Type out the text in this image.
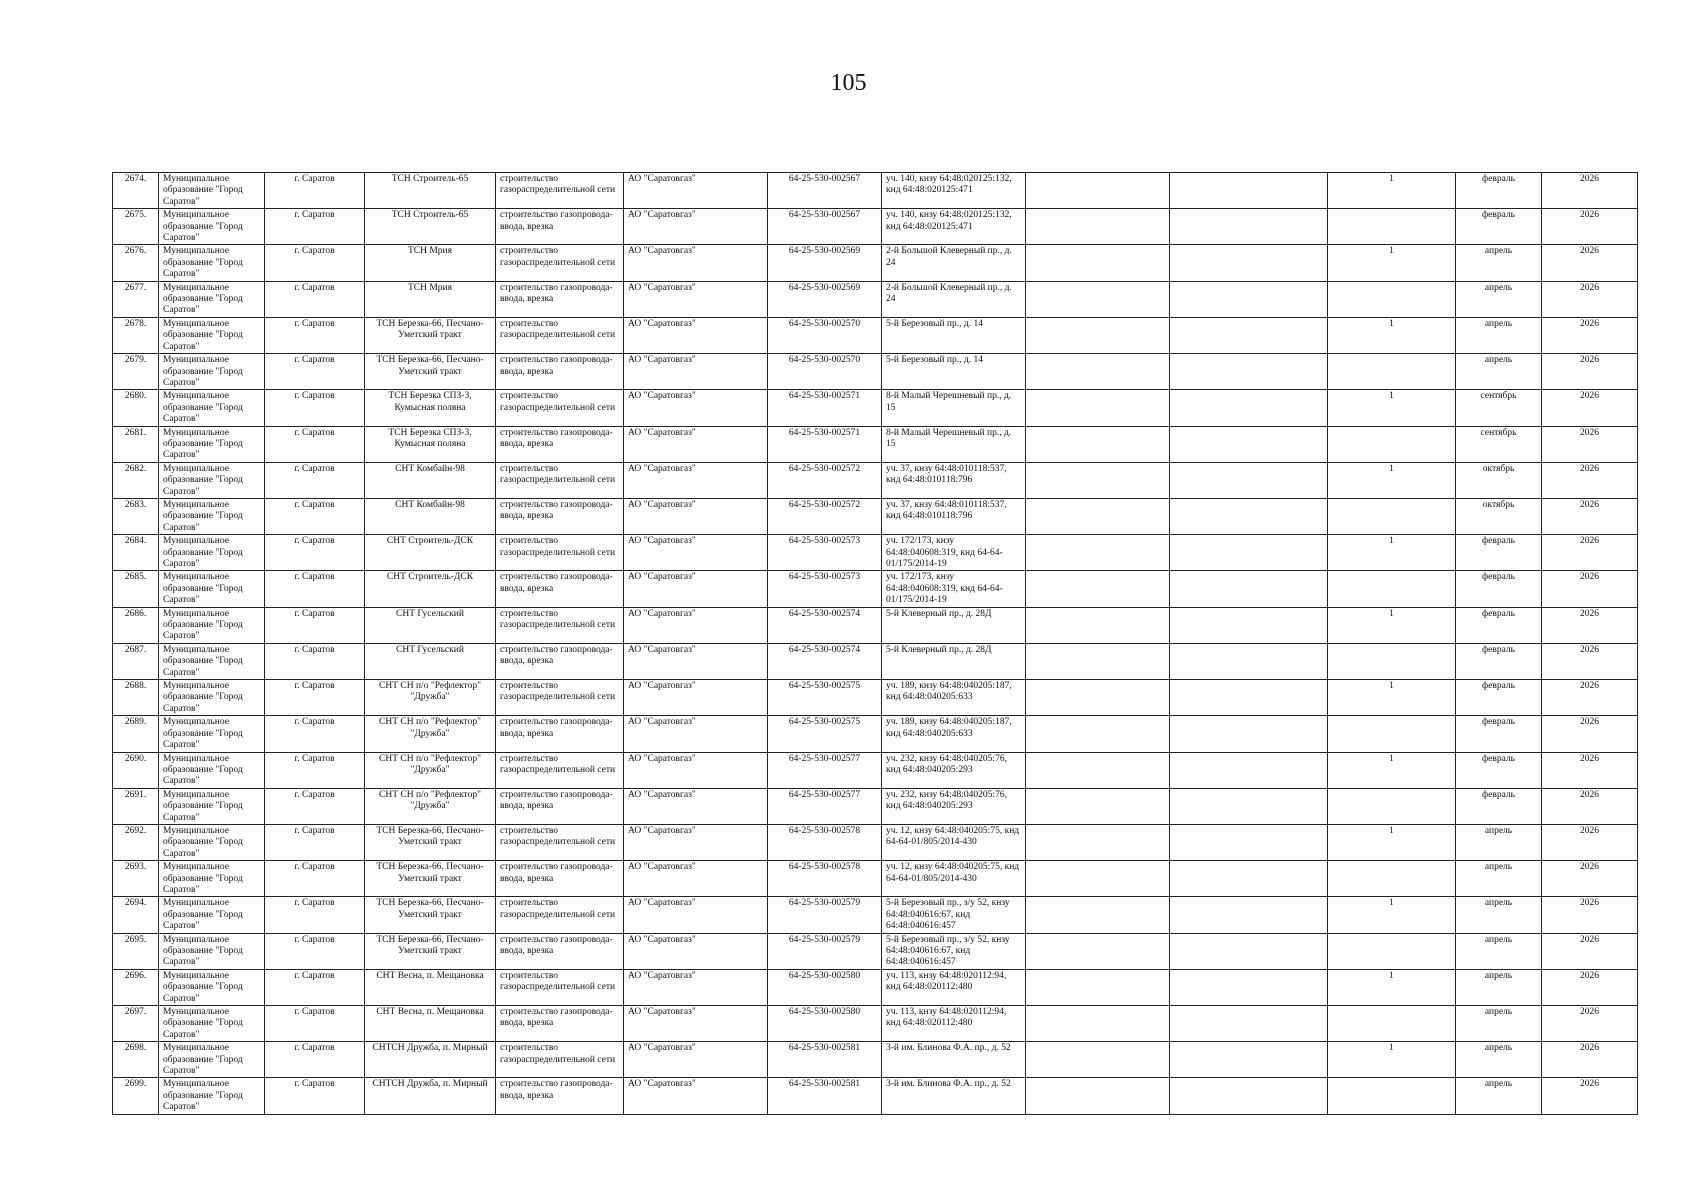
105
2674.	Муниципальное образование "Город Саратов"	г. Саратов	ТСН Строитель-65	строительство газораспределительной сети	АО "Саратовгаз"	64-25-530-002567	уч. 140, кнзу 64:48:020125:132, кнд 64:48:020125:471			1	февраль	2026
2675.	Муниципальное образование "Город Саратов"	г. Саратов	ТСН Строитель-65	строительство газопровода-ввода, врезка	АО "Саратовгаз"	64-25-530-002567	уч. 140, кнзу 64:48:020125:132, кнд 64:48:020125:471				февраль	2026
2676.	Муниципальное образование "Город Саратов"	г. Саратов	ТСН Мрия	строительство газораспределительной сети	АО "Саратовгаз"	64-25-530-002569	2-й Большой Клеверный пр., д. 24			1	апрель	2026
2677.	Муниципальное образование "Город Саратов"	г. Саратов	ТСН Мрия	строительство газопровода-ввода, врезка	АО "Саратовгаз"	64-25-530-002569	2-й Большой Клеверный пр., д. 24				апрель	2026
2678.	Муниципальное образование "Город Саратов"	г. Саратов	ТСН Березка-66, Песчано-Уметский тракт	строительство газораспределительной сети	АО "Саратовгаз"	64-25-530-002570	5-й Березовый пр., д. 14			1	апрель	2026
2679.	Муниципальное образование "Город Саратов"	г. Саратов	ТСН Березка-66, Песчано-Уметский тракт	строительство газопровода-ввода, врезка	АО "Саратовгаз"	64-25-530-002570	5-й Березовый пр., д. 14				апрель	2026
2680.	Муниципальное образование "Город Саратов"	г. Саратов	ТСН Березка СПЗ-3, Кумысная поляна	строительство газораспределительной сети	АО "Саратовгаз"	64-25-530-002571	8-й Малый Черешневый пр., д. 15			1	сентябрь	2026
2681.	Муниципальное образование "Город Саратов"	г. Саратов	ТСН Березка СПЗ-3, Кумысная поляна	строительство газопровода-ввода, врезка	АО "Саратовгаз"	64-25-530-002571	8-й Малый Черешневый пр., д. 15				сентябрь	2026
2682.	Муниципальное образование "Город Саратов"	г. Саратов	СНТ Комбайн-98	строительство газораспределительной сети	АО "Саратовгаз"	64-25-530-002572	уч. 37, кнзу 64:48:010118:537, кнд 64:48:010118:796			1	октябрь	2026
2683.	Муниципальное образование "Город Саратов"	г. Саратов	СНТ Комбайн-98	строительство газопровода-ввода, врезка	АО "Саратовгаз"	64-25-530-002572	уч. 37, кнзу 64:48:010118:537, кнд 64:48:010118:796				октябрь	2026
2684.	Муниципальное образование "Город Саратов"	г. Саратов	СНТ Строитель-ДСК	строительство газораспределительной сети	АО "Саратовгаз"	64-25-530-002573	уч. 172/173, кнзу 64:48:040608:319, кнд 64-64-01/175/2014-19			1	февраль	2026
2685.	Муниципальное образование "Город Саратов"	г. Саратов	СНТ Строитель-ДСК	строительство газопровода-ввода, врезка	АО "Саратовгаз"	64-25-530-002573	уч. 172/173, кнзу 64:48:040608:319, кнд 64-64-01/175/2014-19				февраль	2026
2686.	Муниципальное образование "Город Саратов"	г. Саратов	СНТ Гусельский	строительство газораспределительной сети	АО "Саратовгаз"	64-25-530-002574	5-й Клеверный пр., д. 28Д			1	февраль	2026
2687.	Муниципальное образование "Город Саратов"	г. Саратов	СНТ Гусельский	строительство газопровода-ввода, врезка	АО "Саратовгаз"	64-25-530-002574	5-й Клеверный пр., д. 28Д				февраль	2026
2688.	Муниципальное образование "Город Саратов"	г. Саратов	СНТ СН п/о "Рефлектор" "Дружба"	строительство газораспределительной сети	АО "Саратовгаз"	64-25-530-002575	уч. 189, кнзу 64:48:040205:187, кнд 64:48:040205:633			1	февраль	2026
2689.	Муниципальное образование "Город Саратов"	г. Саратов	СНТ СН п/о "Рефлектор" "Дружба"	строительство газопровода-ввода, врезка	АО "Саратовгаз"	64-25-530-002575	уч. 189, кнзу 64:48:040205:187, кнд 64:48:040205:633				февраль	2026
2690.	Муниципальное образование "Город Саратов"	г. Саратов	СНТ СН п/о "Рефлектор" "Дружба"	строительство газораспределительной сети	АО "Саратовгаз"	64-25-530-002577	уч. 232, кнзу 64:48:040205:76, кнд 64:48:040205:293			1	февраль	2026
2691.	Муниципальное образование "Город Саратов"	г. Саратов	СНТ СН п/о "Рефлектор" "Дружба"	строительство газопровода-ввода, врезка	АО "Саратовгаз"	64-25-530-002577	уч. 232, кнзу 64:48:040205:76, кнд 64:48:040205:293				февраль	2026
2692.	Муниципальное образование "Город Саратов"	г. Саратов	ТСН Березка-66, Песчано-Уметский тракт	строительство газораспределительной сети	АО "Саратовгаз"	64-25-530-002578	уч. 12, кнзу 64:48:040205:75, кнд 64-64-01/805/2014-430			1	апрель	2026
2693.	Муниципальное образование "Город Саратов"	г. Саратов	ТСН Березка-66, Песчано-Уметский тракт	строительство газопровода-ввода, врезка	АО "Саратовгаз"	64-25-530-002578	уч. 12, кнзу 64:48:040205:75, кнд 64-64-01/805/2014-430				апрель	2026
2694.	Муниципальное образование "Город Саратов"	г. Саратов	ТСН Березка-66, Песчано-Уметский тракт	строительство газораспределительной сети	АО "Саратовгаз"	64-25-530-002579	5-й Березовый пр., з/у 52, кнзу 64:48:040616:67, кнд 64:48:040616:457			1	апрель	2026
2695.	Муниципальное образование "Город Саратов"	г. Саратов	ТСН Березка-66, Песчано-Уметский тракт	строительство газопровода-ввода, врезка	АО "Саратовгаз"	64-25-530-002579	5-й Березовый пр., з/у 52, кнзу 64:48:040616:67, кнд 64:48:040616:457				апрель	2026
2696.	Муниципальное образование "Город Саратов"	г. Саратов	СНТ Весна, п. Мещановка	строительство газораспределительной сети	АО "Саратовгаз"	64-25-530-002580	уч. 113, кнзу 64:48:020112:94, кнд 64:48:020112:480			1	апрель	2026
2697.	Муниципальное образование "Город Саратов"	г. Саратов	СНТ Весна, п. Мещановка	строительство газопровода-ввода, врезка	АО "Саратовгаз"	64-25-530-002580	уч. 113, кнзу 64:48:020112:94, кнд 64:48:020112:480				апрель	2026
2698.	Муниципальное образование "Город Саратов"	г. Саратов	СНТСН Дружба, п. Мирный	строительство газораспределительной сети	АО "Саратовгаз"	64-25-530-002581	3-й им. Блинова Ф.А. пр., д. 52			1	апрель	2026
2699.	Муниципальное образование "Город Саратов"	г. Саратов	СНТСН Дружба, п. Мирный	строительство газопровода-ввода, врезка	АО "Саратовгаз"	64-25-530-002581	3-й им. Блинова Ф.А. пр., д. 52				апрель	2026
